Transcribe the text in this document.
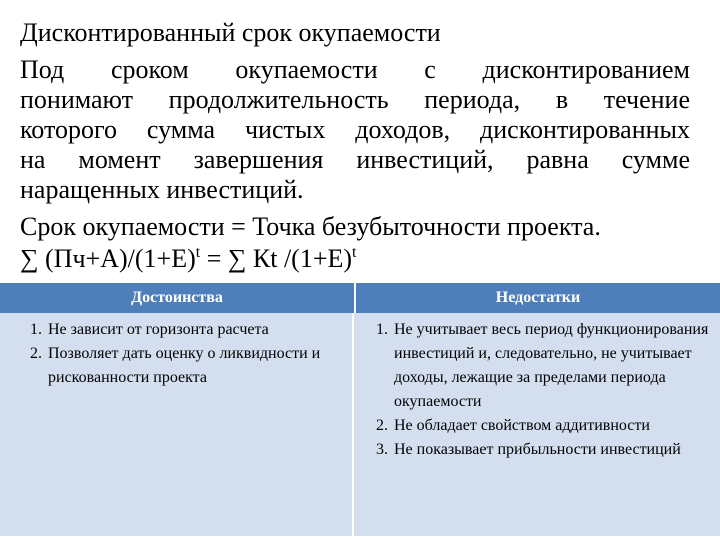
Дисконтированный срок окупаемости
Под сроком окупаемости с дисконтированием
понимают продолжительность периода, в течение
которого сумма чистых доходов, дисконтированных
на момент завершения инвестиций, равна сумме
наращенных инвестиций.
Срок окупаемости = Точка безубыточности проекта.
∑ $(Пч+А)/(1+Е)^t$ = ∑ Кt $/(1+Е)^t$
Достоинства	Недостатки
1. Не зависит от горизонта расчета
2. Позволяет дать оценку о ликвидности и рискованности проекта
1. Не учитывает весь период функционирования инвестиций и, следовательно, не учитывает доходы, лежащие за пределами периода окупаемости
2. Не обладает свойством аддитивности
3. Не показывает прибыльности инвестиций
